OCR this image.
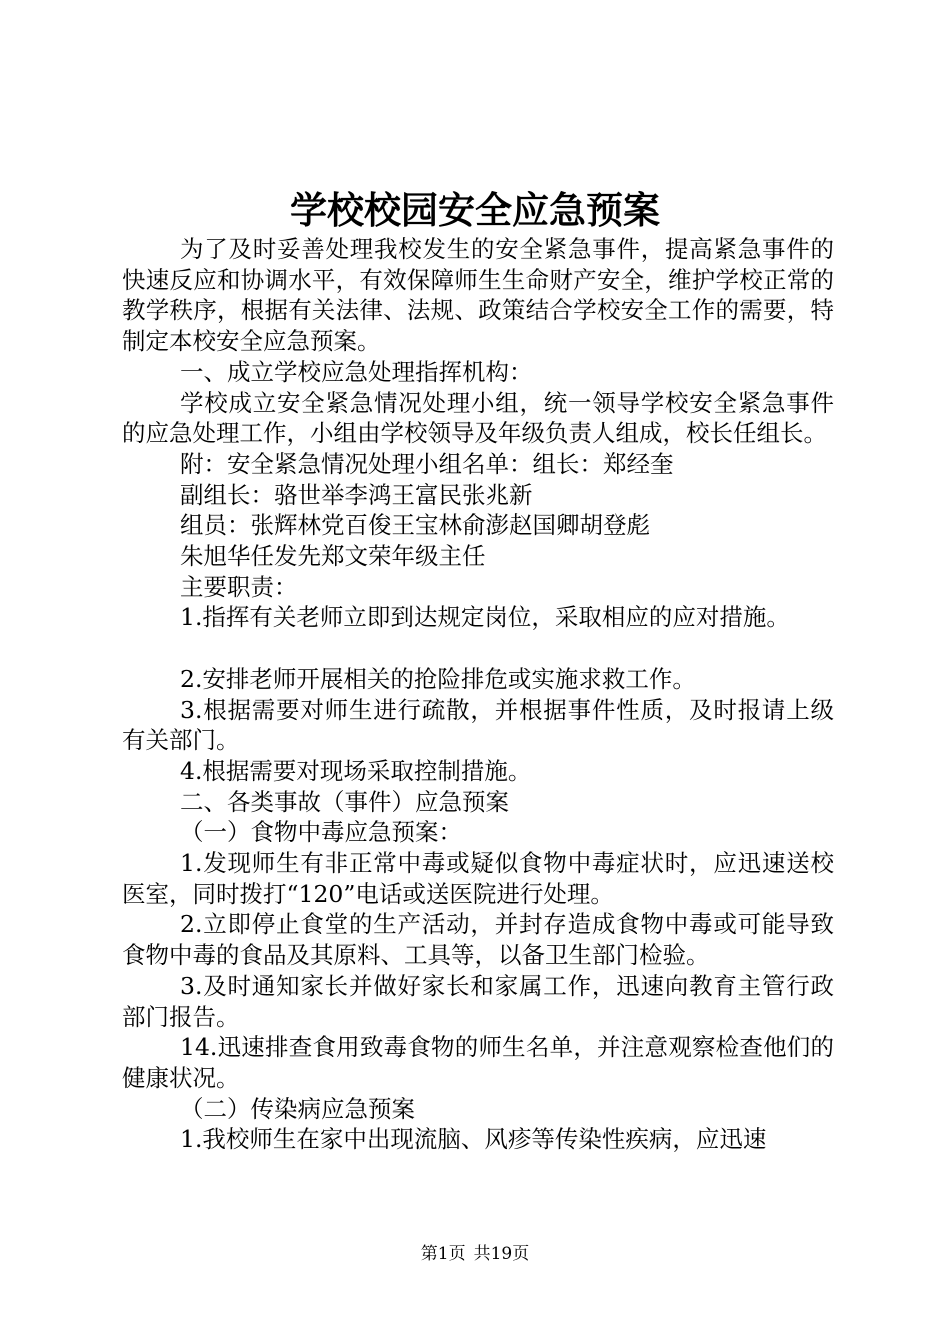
学校校园安全应急预案

为了及时妥善处理我校发生的安全紧急事件，提高紧急事件的快速反应和协调水平，有效保障师生生命财产安全，维护学校正常的教学秩序，根据有关法律、法规、政策结合学校安全工作的需要，特制定本校安全应急预案。

一、成立学校应急处理指挥机构：

学校成立安全紧急情况处理小组，统一领导学校安全紧急事件的应急处理工作，小组由学校领导及年级负责人组成，校长任组长。

附：安全紧急情况处理小组名单：组长：郑经奎

副组长：骆世举李鸿王富民张兆新

组员：张辉林党百俊王宝林俞澎赵国卿胡登彪

朱旭华任发先郑文荣年级主任

主要职责：

1.指挥有关老师立即到达规定岗位，采取相应的应对措施。

2.安排老师开展相关的抢险排危或实施求救工作。

3.根据需要对师生进行疏散，并根据事件性质，及时报请上级有关部门。

4.根据需要对现场采取控制措施。

二、各类事故（事件）应急预案

（一）食物中毒应急预案：

1.发现师生有非正常中毒或疑似食物中毒症状时，应迅速送校医室，同时拨打“120”电话或送医院进行处理。

2.立即停止食堂的生产活动，并封存造成食物中毒或可能导致食物中毒的食品及其原料、工具等，以备卫生部门检验。

3.及时通知家长并做好家长和家属工作，迅速向教育主管行政部门报告。

14.迅速排查食用致毒食物的师生名单，并注意观察检查他们的健康状况。

（二）传染病应急预案

1.我校师生在家中出现流脑、风疹等传染性疾病，应迅速

第1页 共19页
